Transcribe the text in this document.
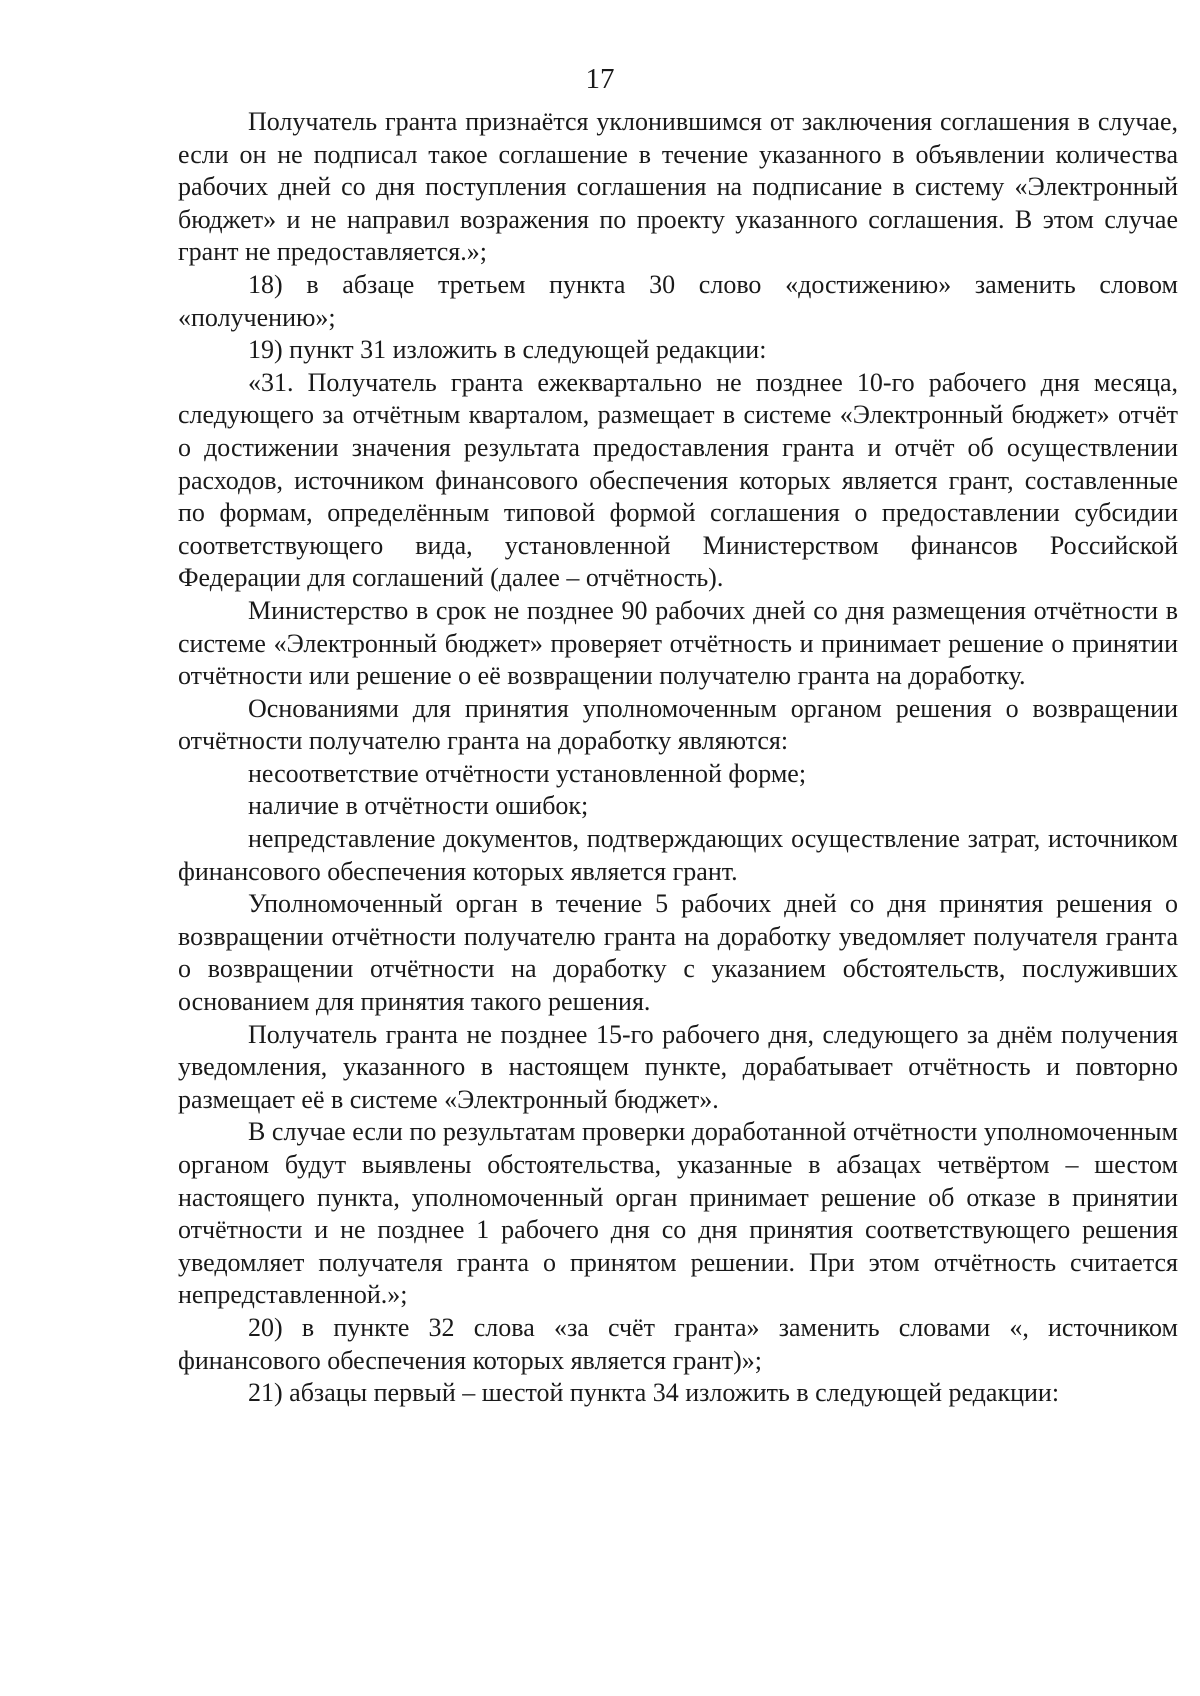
17

Получатель гранта признаётся уклонившимся от заключения соглашения в случае, если он не подписал такое соглашение в течение указанного в объявлении количества рабочих дней со дня поступления соглашения на подписание в систему «Электронный бюджет» и не направил возражения по проекту указанного соглашения. В этом случае грант не предоставляется.»;

18) в абзаце третьем пункта 30 слово «достижению» заменить словом «получению»;

19) пункт 31 изложить в следующей редакции:

«31. Получатель гранта ежеквартально не позднее 10-го рабочего дня месяца, следующего за отчётным кварталом, размещает в системе «Электронный бюджет» отчёт о достижении значения результата предоставления гранта и отчёт об осуществлении расходов, источником финансового обеспечения которых является грант, составленные по формам, определённым типовой формой соглашения о предоставлении субсидии соответствующего вида, установленной Министерством финансов Российской Федерации для соглашений (далее – отчётность).

Министерство в срок не позднее 90 рабочих дней со дня размещения отчётности в системе «Электронный бюджет» проверяет отчётность и принимает решение о принятии отчётности или решение о её возвращении получателю гранта на доработку.

Основаниями для принятия уполномоченным органом решения о возвращении отчётности получателю гранта на доработку являются:

несоответствие отчётности установленной форме;

наличие в отчётности ошибок;

непредставление документов, подтверждающих осуществление затрат, источником финансового обеспечения которых является грант.

Уполномоченный орган в течение 5 рабочих дней со дня принятия решения о возвращении отчётности получателю гранта на доработку уведомляет получателя гранта о возвращении отчётности на доработку с указанием обстоятельств, послуживших основанием для принятия такого решения.

Получатель гранта не позднее 15-го рабочего дня, следующего за днём получения уведомления, указанного в настоящем пункте, дорабатывает отчётность и повторно размещает её в системе «Электронный бюджет».

В случае если по результатам проверки доработанной отчётности уполномоченным органом будут выявлены обстоятельства, указанные в абзацах четвёртом – шестом настоящего пункта, уполномоченный орган принимает решение об отказе в принятии отчётности и не позднее 1 рабочего дня со дня принятия соответствующего решения уведомляет получателя гранта о принятом решении. При этом отчётность считается непредставленной.»;

20) в пункте 32 слова «за счёт гранта» заменить словами «, источником финансового обеспечения которых является грант)»;

21) абзацы первый – шестой пункта 34 изложить в следующей редакции:
